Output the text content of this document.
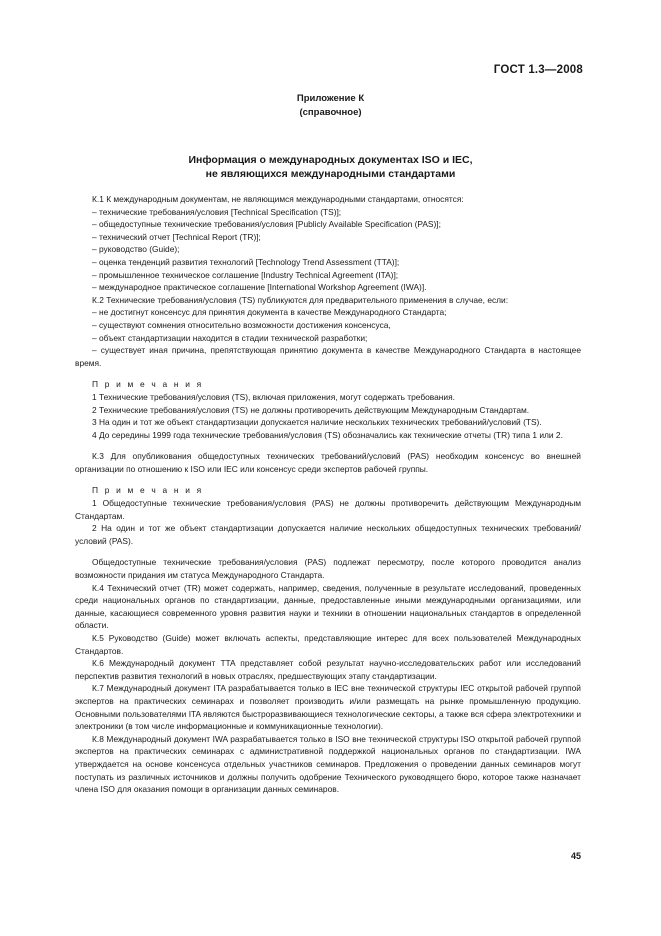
ГОСТ 1.3—2008
Приложение К
(справочное)
Информация о международных документах ISO и IEC,
не являющихся международными стандартами

К.1 К международным документам, не являющимся международными стандартами, относятся:

– технические требования/условия [Technical Specification (TS)];

– общедоступные технические требования/условия [Publicly Available Specification (PAS)];

– технический отчет [Technical Report (TR)];

– руководство (Guide);

– оценка тенденций развития технологий [Technology Trend Assessment (TTA)];

– промышленное техническое соглашение [Industry Technical Agreement (ITA)];

– международное практическое соглашение [International Workshop Agreement (IWA)].

К.2 Технические требования/условия (TS) публикуются для предварительного применения в случае, если:

– не достигнут консенсус для принятия документа в качестве Международного Стандарта;

– существуют сомнения относительно возможности достижения консенсуса,

– объект стандартизации находится в стадии технической разработки;

– существует иная причина, препятствующая принятию документа в качестве Международного Стандарта в настоящее время.

П р и м е ч а н и я

1 Технические требования/условия (TS), включая приложения, могут содержать требования.

2 Технические требования/условия (TS) не должны противоречить действующим Международным Стандартам.

3 На один и тот же объект стандартизации допускается наличие нескольких технических требований/условий (TS).

4 До середины 1999 года технические требования/условия (TS) обозначались как технические отчеты (TR) типа 1 или 2.

К.3 Для опубликования общедоступных технических требований/условий (PAS) необходим консенсус во внешней организации по отношению к ISO или IEC или консенсус среди экспертов рабочей группы.

П р и м е ч а н и я

1 Общедоступные технические требования/условия (PAS) не должны противоречить действующим Международным Стандартам.

2 На один и тот же объект стандартизации допускается наличие нескольких общедоступных технических требований/условий (PAS).

Общедоступные технические требования/условия (PAS) подлежат пересмотру, после которого проводится анализ возможности придания им статуса Международного Стандарта.

К.4 Технический отчет (TR) может содержать, например, сведения, полученные в результате исследований, проведенных среди национальных органов по стандартизации, данные, предоставленные иными международными организациями, или данные, касающиеся современного уровня развития науки и техники в отношении национальных стандартов в определенной области.

К.5 Руководство (Guide) может включать аспекты, представляющие интерес для всех пользователей Международных Стандартов.

К.6 Международный документ TTA представляет собой результат научно-исследовательских работ или исследований перспектив развития технологий в новых отраслях, предшествующих этапу стандартизации.

К.7 Международный документ ITA разрабатывается только в IEC вне технической структуры IEC открытой рабочей группой экспертов на практических семинарах и позволяет производить и/или размещать на рынке промышленную продукцию. Основными пользователями ITA являются быстроразвивающиеся технологические секторы, а также вся сфера электротехники и электроники (в том числе информационные и коммуникационные технологии).

К.8 Международный документ IWA разрабатывается только в ISO вне технической структуры ISO открытой рабочей группой экспертов на практических семинарах с административной поддержкой национальных органов по стандартизации. IWA утверждается на основе консенсуса отдельных участников семинаров. Предложения о проведении данных семинаров могут поступать из различных источников и должны получить одобрение Технического руководящего бюро, которое также назначает члена ISO для оказания помощи в организации данных семинаров.

45
